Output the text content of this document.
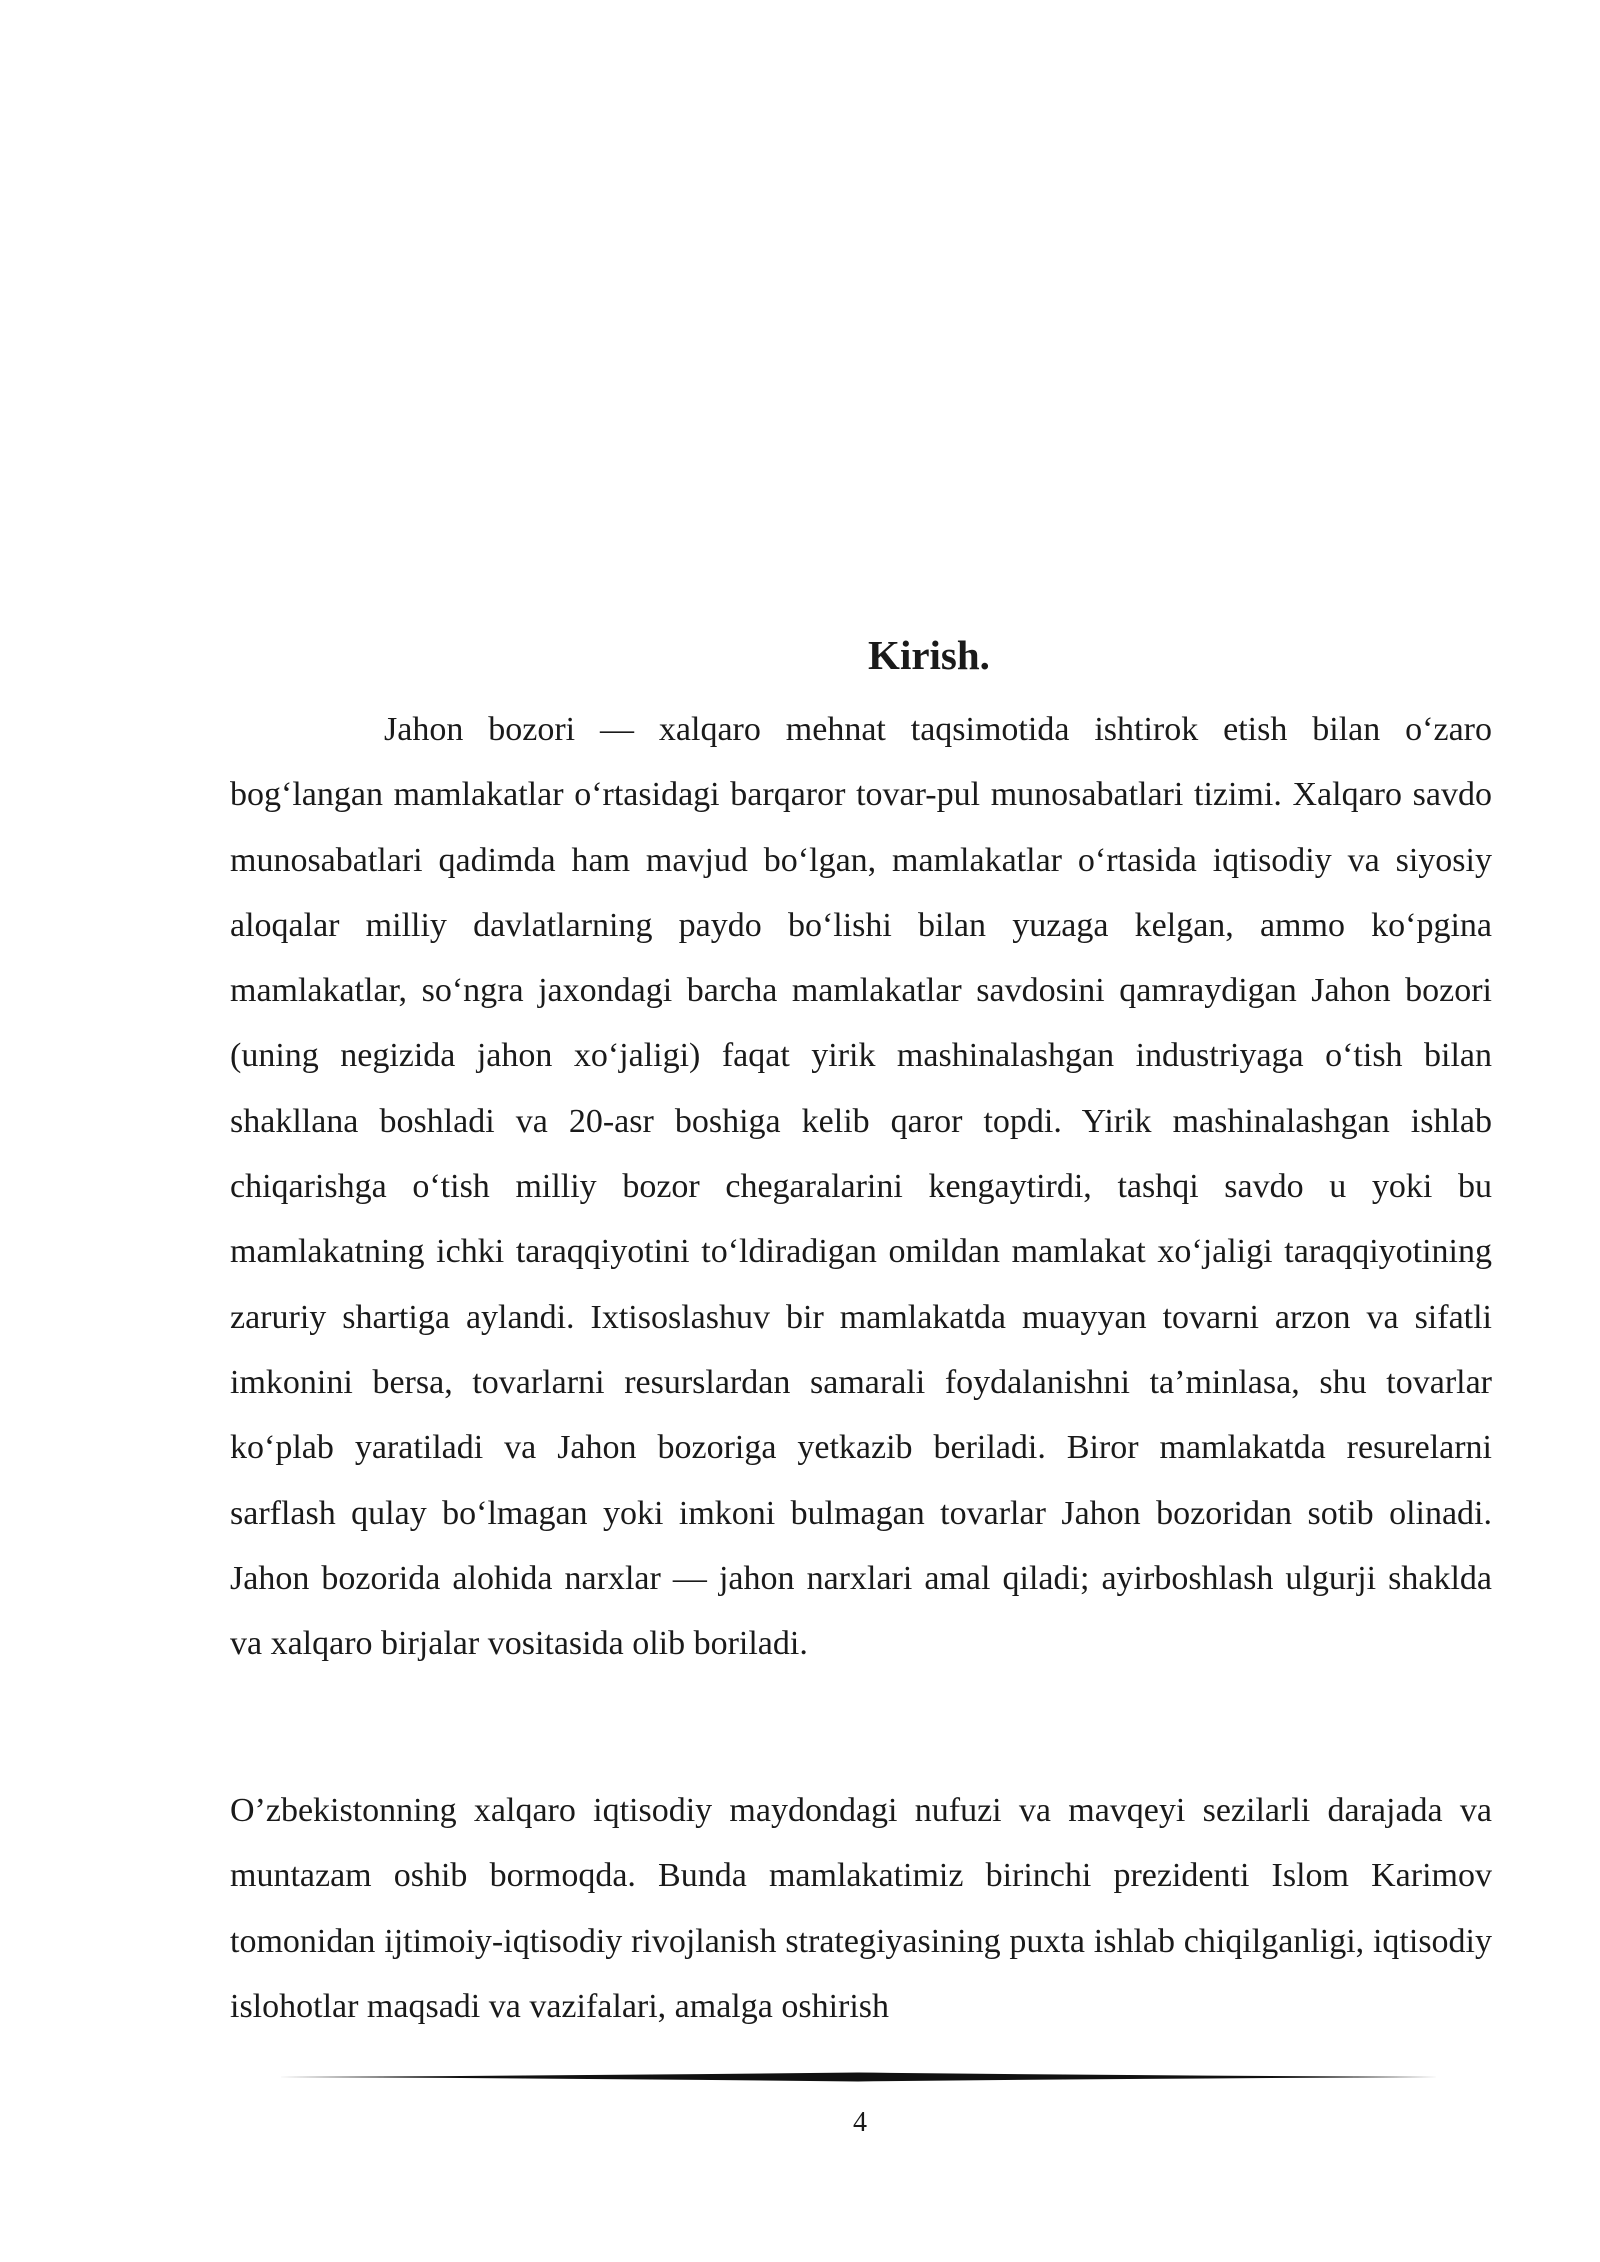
Kirish.

Jahon bozori — xalqaro mehnat taqsimotida ishtirok etish bilan o‘zaro bog‘langan mamlakatlar o‘rtasidagi barqaror tovar-pul munosabatlari tizimi. Xalqaro savdo munosabatlari qadimda ham mavjud bo‘lgan, mamlakatlar o‘rtasida iqtisodiy va siyosiy aloqalar milliy davlatlarning paydo bo‘lishi bilan yuzaga kelgan, ammo ko‘pgina mamlakatlar, so‘ngra jaxondagi barcha mamlakatlar savdosini qamraydigan Jahon bozori (uning negizida jahon xo‘jaligi) faqat yirik mashinalashgan industriyaga o‘tish bilan shakllana boshladi va 20-asr boshiga kelib qaror topdi. Yirik mashinalashgan ishlab chiqarishga o‘tish milliy bozor chegaralarini kengaytirdi, tashqi savdo u yoki bu mamlakatning ichki taraqqiyotini to‘ldiradigan omildan mamlakat xo‘jaligi taraqqiyotining zaruriy shartiga aylandi. Ixtisoslashuv bir mamlakatda muayyan tovarni arzon va sifatli imkonini bersa, tovarlarni resurslardan samarali foydalanishni ta’minlasa, shu tovarlar ko‘plab yaratiladi va Jahon bozoriga yetkazib beriladi. Biror mamlakatda resurelarni sarflash qulay bo‘lmagan yoki imkoni bulmagan tovarlar Jahon bozoridan sotib olinadi. Jahon bozorida alohida narxlar — jahon narxlari amal qiladi; ayirboshlash ulgurji shaklda va xalqaro birjalar vositasida olib boriladi.

O’zbekistonning xalqaro iqtisodiy maydondagi nufuzi va mavqeyi sezilarli darajada va muntazam oshib bormoqda. Bunda mamlakatimiz birinchi prezidenti Islom Karimov tomonidan ijtimoiy-iqtisodiy rivojlanish strategiyasining puxta ishlab chiqilganligi, iqtisodiy islohotlar maqsadi va vazifalari, amalga oshirish

4
